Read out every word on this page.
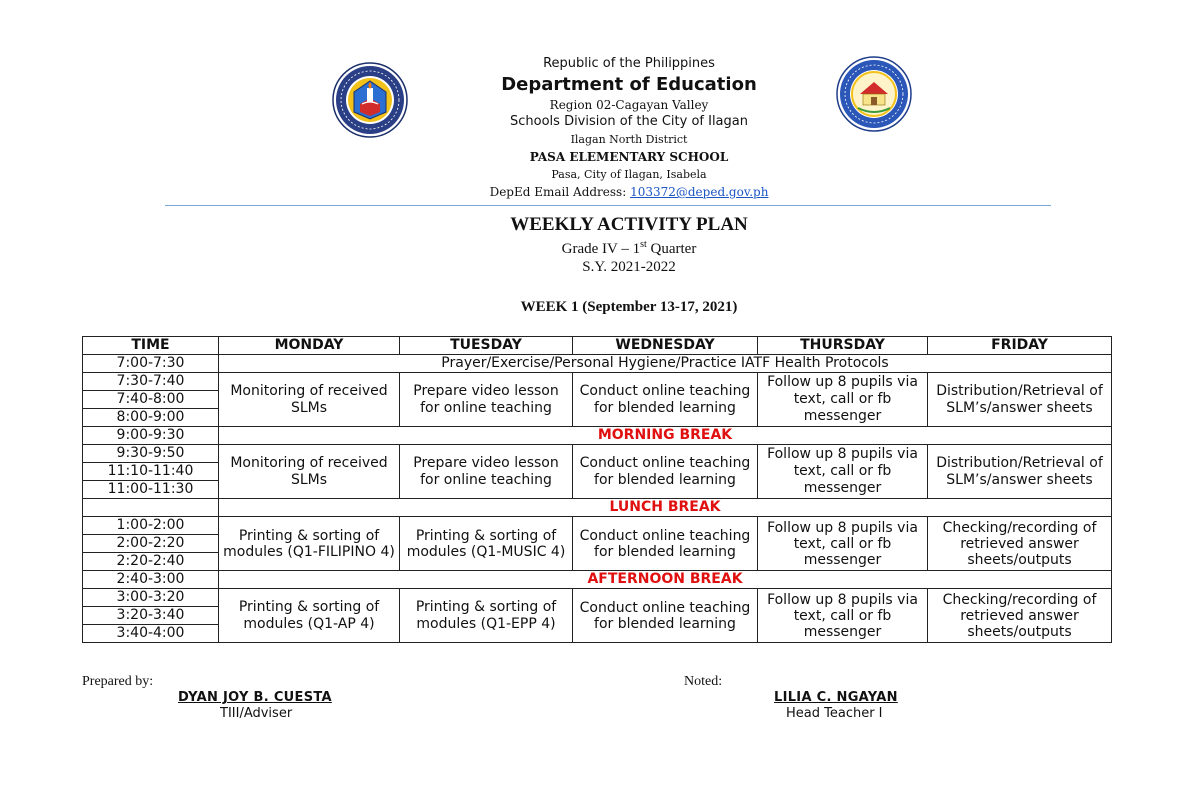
Republic of the Philippines
Department of Education
Region 02-Cagayan Valley
Schools Division of the City of Ilagan
Ilagan North District
PASA ELEMENTARY SCHOOL
Pasa, City of Ilagan, Isabela
DepEd Email Address: 103372@deped.gov.ph
WEEKLY ACTIVITY PLAN
Grade IV – 1st Quarter
S.Y. 2021-2022
WEEK 1 (September 13-17, 2021)
TIME	MONDAY	TUESDAY	WEDNESDAY	THURSDAY	FRIDAY
7:00-7:30	Prayer/Exercise/Personal Hygiene/Practice IATF Health Protocols				
7:30-7:40	Monitoring of received SLMs	Prepare video lesson for online teaching	Conduct online teaching for blended learning	Follow up 8 pupils via text, call or fb messenger	Distribution/Retrieval of SLM’s/answer sheets
7:40-8:00					
8:00-9:00					
9:00-9:30	MORNING BREAK				
9:30-9:50	Monitoring of received SLMs	Prepare video lesson for online teaching	Conduct online teaching for blended learning	Follow up 8 pupils via text, call or fb messenger	Distribution/Retrieval of SLM’s/answer sheets
11:10-11:40					
11:00-11:30					
	LUNCH BREAK				
1:00-2:00	Printing & sorting of modules (Q1-FILIPINO 4)	Printing & sorting of modules (Q1-MUSIC 4)	Conduct online teaching for blended learning	Follow up 8 pupils via text, call or fb messenger	Checking/recording of retrieved answer sheets/outputs
2:00-2:20					
2:20-2:40					
2:40-3:00	AFTERNOON BREAK				
3:00-3:20	Printing & sorting of modules (Q1-AP 4)	Printing & sorting of modules (Q1-EPP 4)	Conduct online teaching for blended learning	Follow up 8 pupils via text, call or fb messenger	Checking/recording of retrieved answer sheets/outputs
3:20-3:40					
3:40-4:00					
Prepared by:
DYAN JOY B. CUESTA
TIII/Adviser
Noted:
LILIA C. NGAYAN
Head Teacher I
